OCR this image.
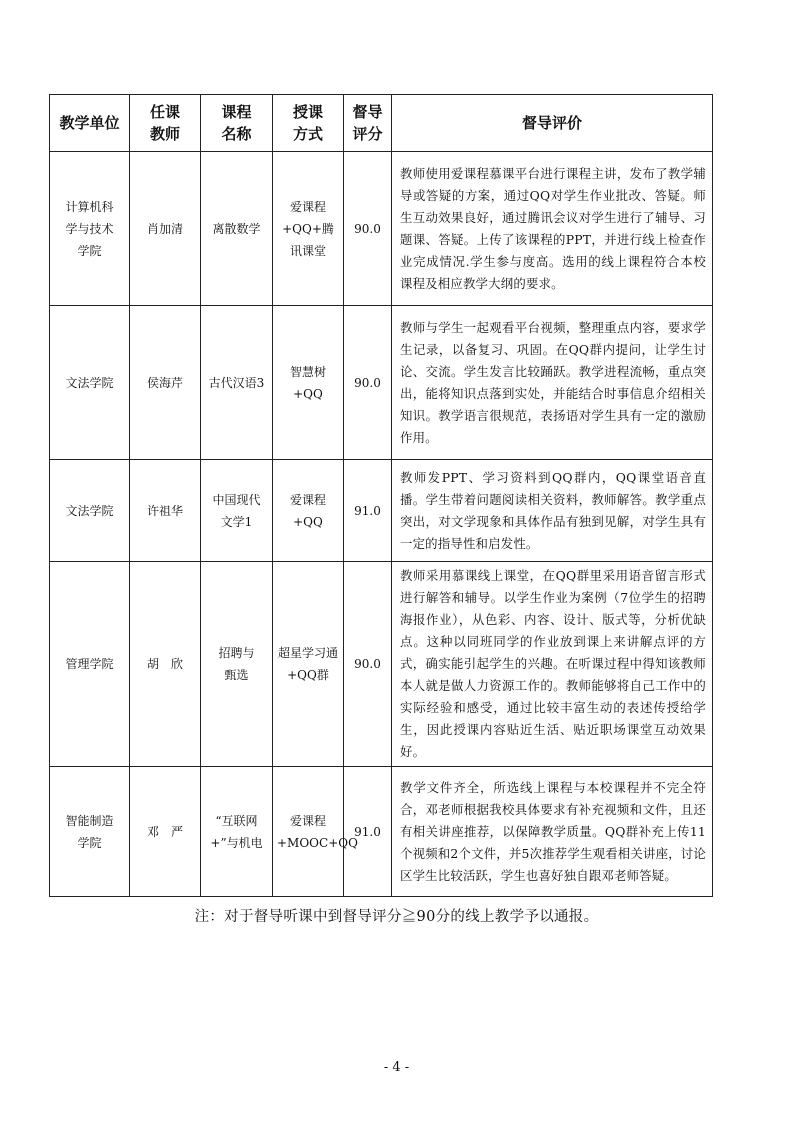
教学单位	任课教师	课程名称	授课方式	督导评分	督导评价
计算机科学与技术学院	肖加清	离散数学	爱课程+QQ+腾讯课堂	90.0	教师使用爱课程慕课平台进行课程主讲，发布了教学辅导或答疑的方案，通过QQ对学生作业批改、答疑。师生互动效果良好，通过腾讯会议对学生进行了辅导、习题课、答疑。上传了该课程的PPT，并进行线上检查作业完成情况.学生参与度高。选用的线上课程符合本校课程及相应教学大纲的要求。
文法学院	侯海芹	古代汉语3	智慧树+QQ	90.0	教师与学生一起观看平台视频，整理重点内容，要求学生记录，以备复习、巩固。在QQ群内提问，让学生讨论、交流。学生发言比较踊跃。教学进程流畅，重点突出，能将知识点落到实处，并能结合时事信息介绍相关知识。教学语言很规范，表扬语对学生具有一定的激励作用。
文法学院	许祖华	中国现代文学1	爱课程+QQ	91.0	教师发PPT、学习资料到QQ群内，QQ课堂语音直播。学生带着问题阅读相关资料，教师解答。教学重点突出，对文学现象和具体作品有独到见解，对学生具有一定的指导性和启发性。
管理学院	胡　欣	招聘与甄选	超星学习通+QQ群	90.0	教师采用慕课线上课堂，在QQ群里采用语音留言形式进行解答和辅导。以学生作业为案例（7位学生的招聘海报作业），从色彩、内容、设计、版式等，分析优缺点。这种以同班同学的作业放到课上来讲解点评的方式，确实能引起学生的兴趣。在听课过程中得知该教师本人就是做人力资源工作的。教师能够将自己工作中的实际经验和感受，通过比较丰富生动的表述传授给学生，因此授课内容贴近生活、贴近职场课堂互动效果好。
智能制造学院	邓　严	“互联网+”与机电	爱课程+MOOC+QQ	91.0	教学文件齐全，所选线上课程与本校课程并不完全符合，邓老师根据我校具体要求有补充视频和文件，且还有相关讲座推荐，以保障教学质量。QQ群补充上传11个视频和2个文件，并5次推荐学生观看相关讲座，讨论区学生比较活跃，学生也喜好独自跟邓老师答疑。
注：对于督导听课中到督导评分≧90分的线上教学予以通报。
- 4 -
